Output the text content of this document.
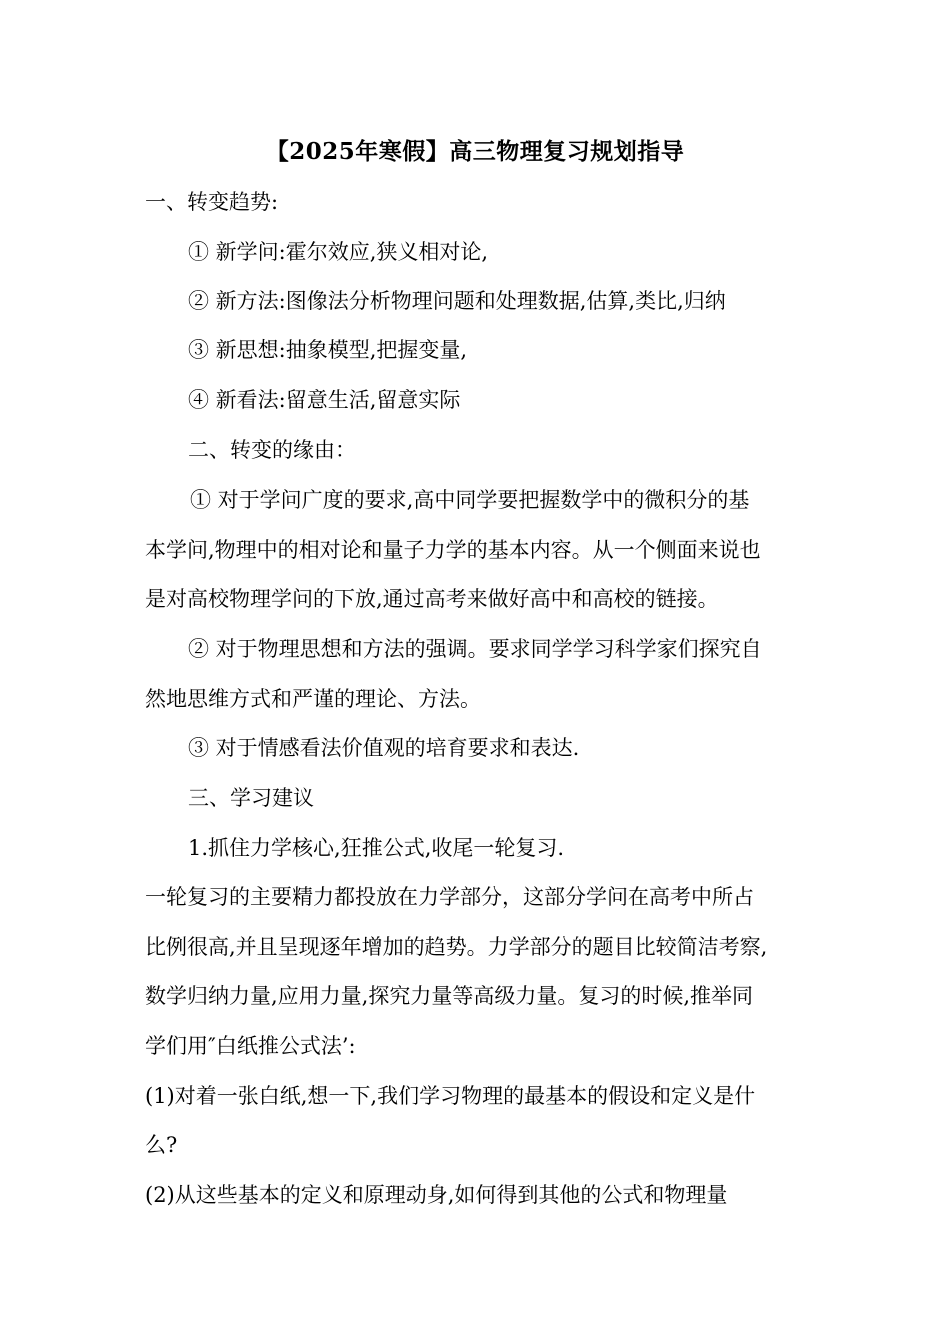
【2025年寒假】高三物理复习规划指导
一、转变趋势:
① 新学问:霍尔效应,狭义相对论,
② 新方法:图像法分析物理问题和处理数据,估算,类比,归纳
③ 新思想:抽象模型,把握变量,
④ 新看法:留意生活,留意实际
二、转变的缘由：
① 对于学问广度的要求,高中同学要把握数学中的微积分的基
本学问,物理中的相对论和量子力学的基本内容。从一个侧面来说也
是对高校物理学问的下放,通过高考来做好高中和高校的链接。
② 对于物理思想和方法的强调。要求同学学习科学家们探究自
然地思维方式和严谨的理论、方法。
③ 对于情感看法价值观的培育要求和表达.
三、学习建议
1.抓住力学核心,狂推公式,收尾一轮复习.
一轮复习的主要精力都投放在力学部分，这部分学问在高考中所占
比例很高,并且呈现逐年增加的趋势。力学部分的题目比较简洁考察,
数学归纳力量,应用力量,探究力量等高级力量。复习的时候,推举同
学们用″白纸推公式法’:
(1)对着一张白纸,想一下,我们学习物理的最基本的假设和定义是什
么?
(2)从这些基本的定义和原理动身,如何得到其他的公式和物理量
